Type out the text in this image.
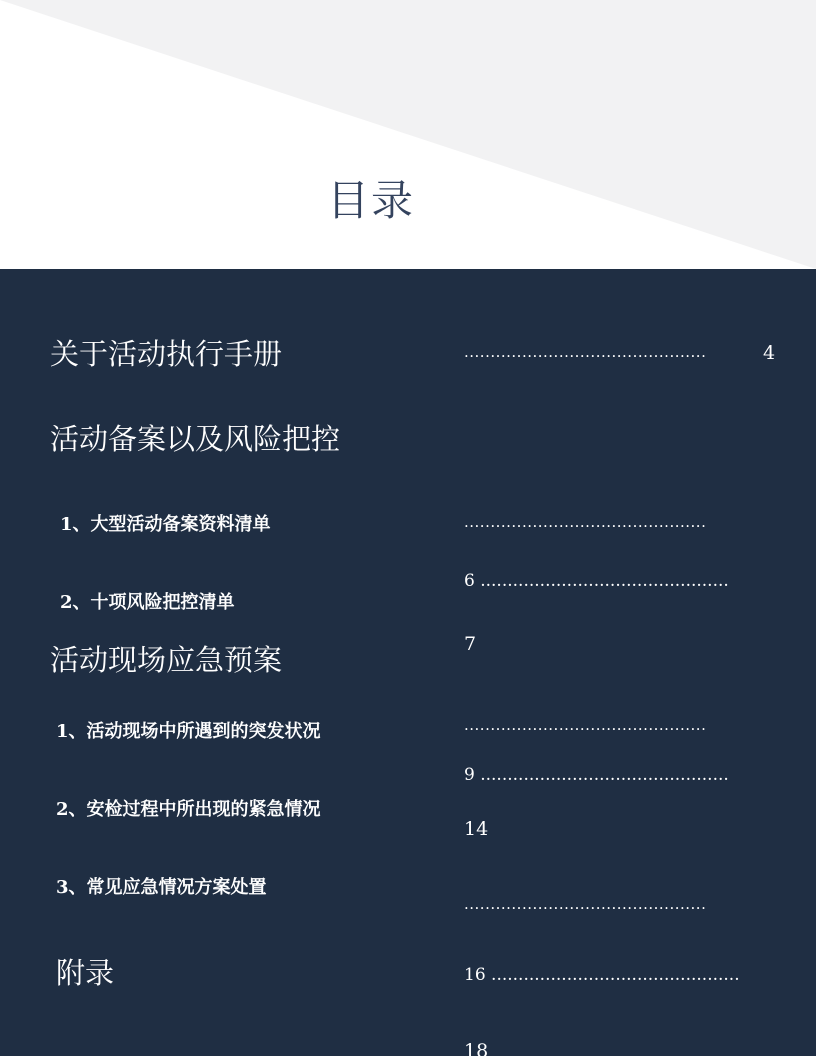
目录
关于活动执行手册
活动备案以及风险把控
1、大型活动备案资料清单
2、十项风险把控清单
活动现场应急预案
1、活动现场中所遇到的突发状况
2、安检过程中所出现的紧急情况
3、常见应急情况方案处置
附录
..............................................	4
..............................................
6 ..............................................
7
..............................................
9 ..............................................
14
..............................................
16 ..............................................
18
